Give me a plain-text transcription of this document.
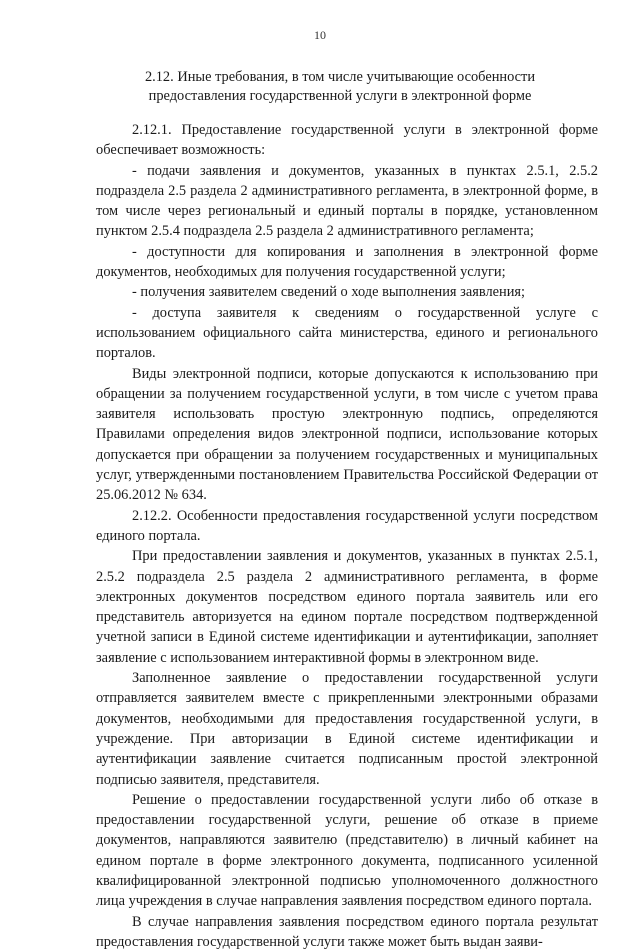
10
2.12. Иные требования, в том числе учитывающие особенности предоставления государственной услуги в электронной форме

2.12.1. Предоставление государственной услуги в электронной форме обеспечивает возможность:

- подачи заявления и документов, указанных в пунктах 2.5.1, 2.5.2 подраздела 2.5 раздела 2 административного регламента, в электронной форме, в том числе через региональный и единый порталы в порядке, установленном пунктом 2.5.4 подраздела 2.5 раздела 2 административного регламента;

- доступности для копирования и заполнения в электронной форме документов, необходимых для получения государственной услуги;

- получения заявителем сведений о ходе выполнения заявления;

- доступа заявителя к сведениям о государственной услуге с использованием официального сайта министерства, единого и регионального порталов.

Виды электронной подписи, которые допускаются к использованию при обращении за получением государственной услуги, в том числе с учетом права заявителя использовать простую электронную подпись, определяются Правилами определения видов электронной подписи, использование которых допускается при обращении за получением государственных и муниципальных услуг, утвержденными постановлением Правительства Российской Федерации от 25.06.2012 № 634.

2.12.2. Особенности предоставления государственной услуги посредством единого портала.

При предоставлении заявления и документов, указанных в пунктах 2.5.1, 2.5.2 подраздела 2.5 раздела 2 административного регламента, в форме электронных документов посредством единого портала заявитель или его представитель авторизуется на едином портале посредством подтвержденной учетной записи в Единой системе идентификации и аутентификации, заполняет заявление с использованием интерактивной формы в электронном виде.

Заполненное заявление о предоставлении государственной услуги отправляется заявителем вместе с прикрепленными электронными образами документов, необходимыми для предоставления государственной услуги, в учреждение. При авторизации в Единой системе идентификации и аутентификации заявление считается подписанным простой электронной подписью заявителя, представителя.

Решение о предоставлении государственной услуги либо об отказе в предоставлении государственной услуги, решение об отказе в приеме документов, направляются заявителю (представителю) в личный кабинет на едином портале в форме электронного документа, подписанного усиленной квалифицированной электронной подписью уполномоченного должностного лица учреждения в случае направления заявления посредством единого портала.

В случае направления заявления посредством единого портала результат предоставления государственной услуги также может быть выдан заяви-
